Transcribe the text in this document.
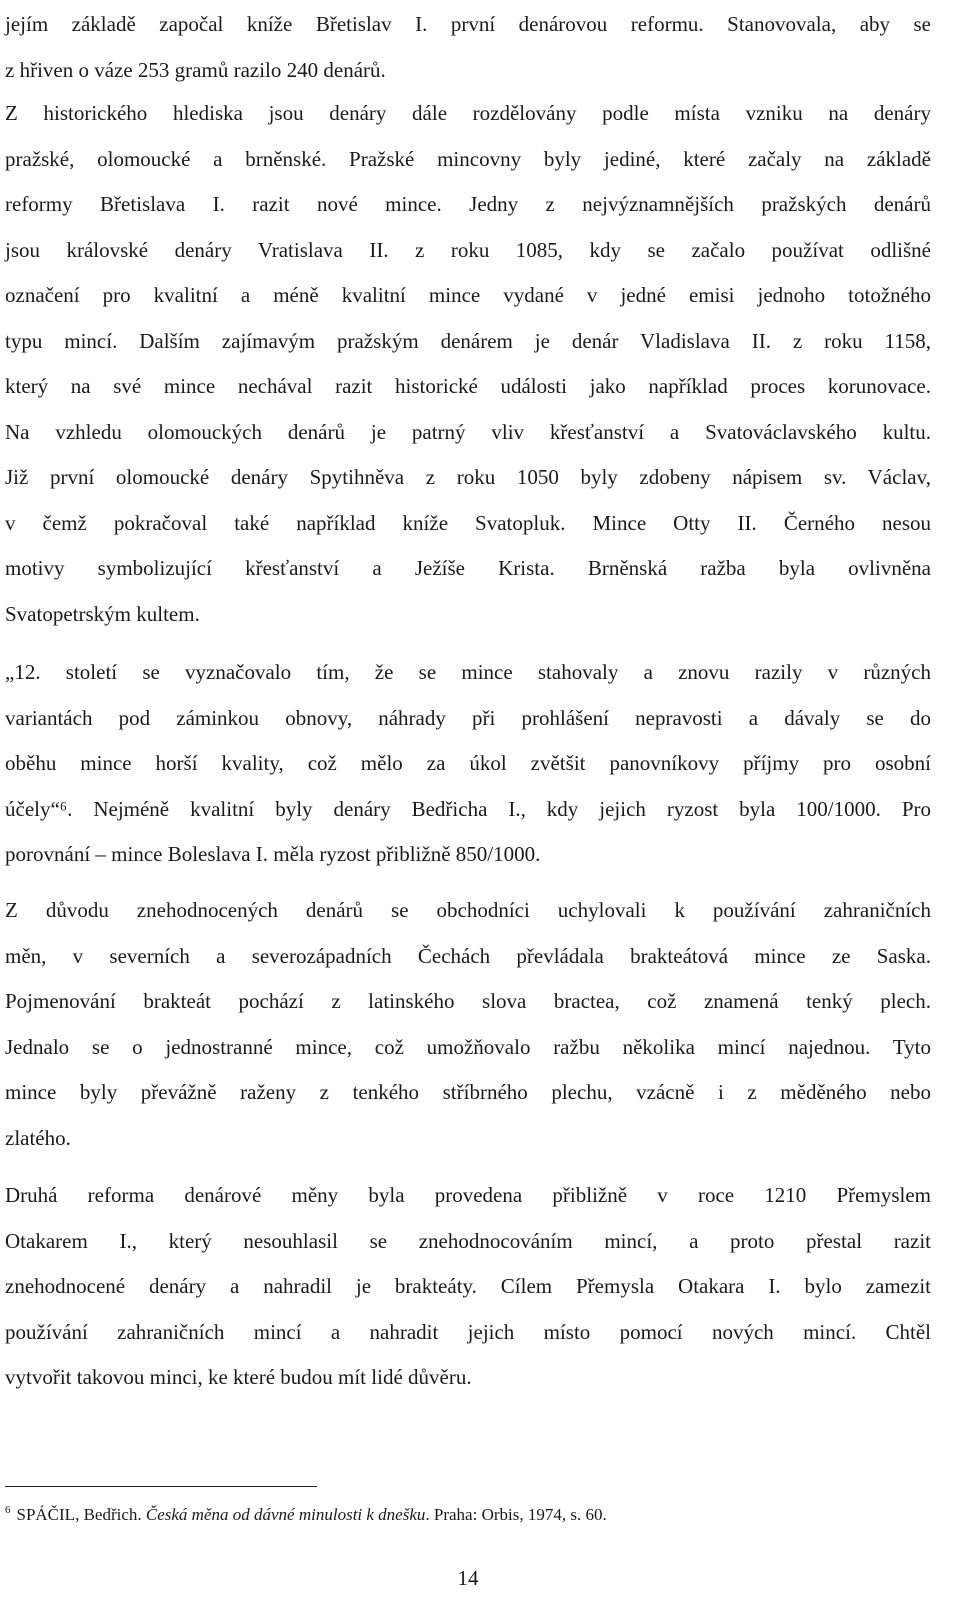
jejím základě započal kníže Břetislav I. první denárovou reformu. Stanovovala, aby se
z hřiven o váze 253 gramů razilo 240 denárů.
Z historického hlediska jsou denáry dále rozdělovány podle místa vzniku na denáry
pražské, olomoucké a brněnské. Pražské mincovny byly jediné, které začaly na základě
reformy Břetislava I. razit nové mince. Jedny z nejvýznamnějších pražských denárů
jsou královské denáry Vratislava II. z roku 1085, kdy se začalo používat odlišné
označení pro kvalitní a méně kvalitní mince vydané v jedné emisi jednoho totožného
typu mincí. Dalším zajímavým pražským denárem je denár Vladislava II. z roku 1158,
který na své mince nechával razit historické události jako například proces korunovace.
Na vzhledu olomouckých denárů je patrný vliv křesťanství a Svatováclavského kultu.
Již první olomoucké denáry Spytihněva z roku 1050 byly zdobeny nápisem sv. Václav,
v čemž pokračoval také například kníže Svatopluk. Mince Otty II. Černého nesou
motivy symbolizující křesťanství a Ježíše Krista. Brněnská ražba byla ovlivněna
Svatopetrským kultem.
„12. století se vyznačovalo tím, že se mince stahovaly a znovu razily v různých
variantách pod záminkou obnovy, náhrady při prohlášení nepravosti a dávaly se do
oběhu mince horší kvality, což mělo za úkol zvětšit panovníkovy příjmy pro osobní
účely“⁶. Nejméně kvalitní byly denáry Bedřicha I., kdy jejich ryzost byla 100/1000. Pro
porovnání – mince Boleslava I. měla ryzost přibližně 850/1000.
Z důvodu znehodnocených denárů se obchodníci uchylovali k používání zahraničních
měn, v severních a severozápadních Čechách převládala brakteátová mince ze Saska.
Pojmenování brakteát pochází z latinského slova bractea, což znamená tenký plech.
Jednalo se o jednostranné mince, což umožňovalo ražbu několika mincí najednou. Tyto
mince byly převážně raženy z tenkého stříbrného plechu, vzácně i z měděného nebo
zlatého.
Druhá reforma denárové měny byla provedena přibližně v roce 1210 Přemyslem
Otakarem I., který nesouhlasil se znehodnocováním mincí, a proto přestal razit
znehodnocené denáry a nahradil je brakteáty. Cílem Přemysla Otakara I. bylo zamezit
používání zahraničních mincí a nahradit jejich místo pomocí nových mincí. Chtěl
vytvořit takovou minci, ke které budou mít lidé důvěru.
$^6$ SPÁČIL, Bedřich. Česká měna od dávné minulosti k dnešku. Praha: Orbis, 1974, s. 60.
14
